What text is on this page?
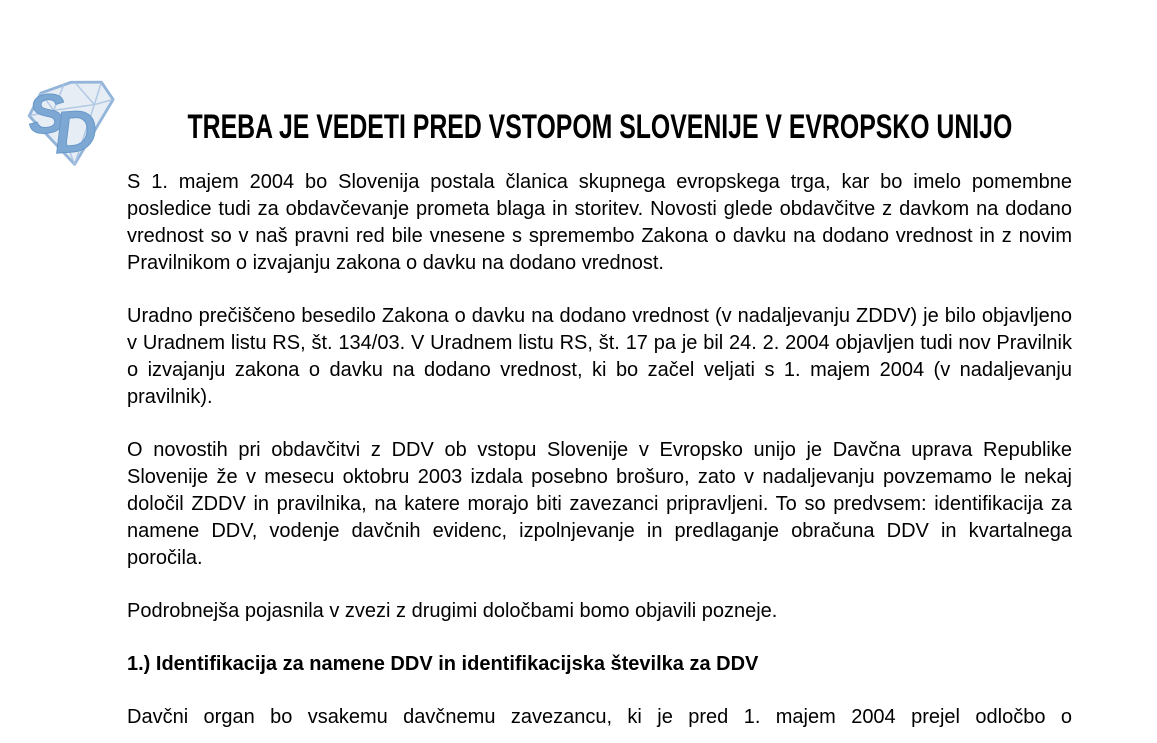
S
D	TREBA JE VEDETI PRED VSTOPOM SLOVENIJE V EVROPSKO UNIJO

S 1. majem 2004 bo Slovenija postala članica skupnega evropskega trga, kar bo imelo pomembne posledice tudi za obdavčevanje prometa blaga in storitev. Novosti glede obdavčitve z davkom na dodano vrednost so v naš pravni red bile vnesene s spremembo Zakona o davku na dodano vrednost in z novim Pravilnikom o izvajanju zakona o davku na dodano vrednost.

Uradno prečiščeno besedilo Zakona o davku na dodano vrednost (v nadaljevanju ZDDV) je bilo objavljeno v Uradnem listu RS, št. 134/03. V Uradnem listu RS, št. 17 pa je bil 24. 2. 2004 objavljen tudi nov Pravilnik o izvajanju zakona o davku na dodano vrednost, ki bo začel veljati s 1. majem 2004 (v nadaljevanju pravilnik).

O novostih pri obdavčitvi z DDV ob vstopu Slovenije v Evropsko unijo je Davčna uprava Republike Slovenije že v mesecu oktobru 2003 izdala posebno brošuro, zato v nadaljevanju povzemamo le nekaj določil ZDDV in pravilnika, na katere morajo biti zavezanci pripravljeni. To so predvsem: identifikacija za namene DDV, vodenje davčnih evidenc, izpolnjevanje in predlaganje obračuna DDV in kvartalnega poročila.

Podrobnejša pojasnila v zvezi z drugimi določbami bomo objavili pozneje.

1.) Identifikacija za namene DDV in identifikacijska številka za DDV

Davčni organ bo vsakemu davčnemu zavezancu, ki je pred 1. majem 2004 prejel odločbo o
